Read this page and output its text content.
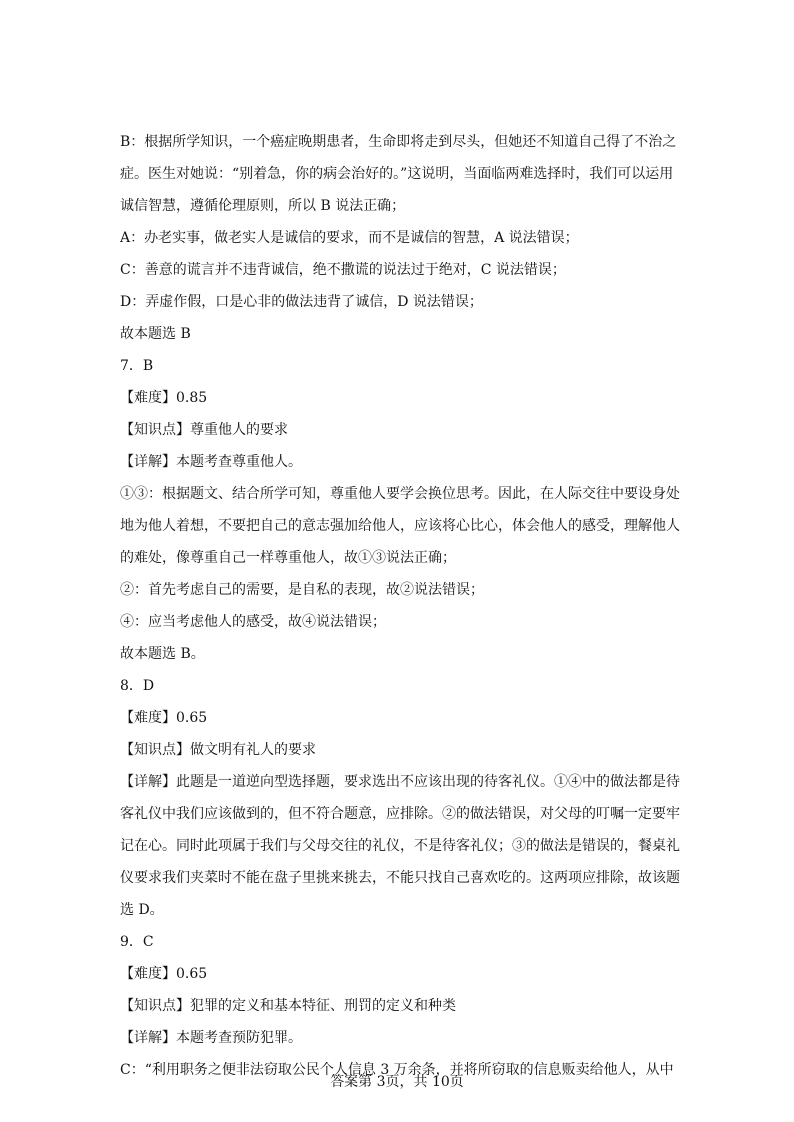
B：根据所学知识，一个癌症晚期患者，生命即将走到尽头，但她还不知道自己得了不治之
症。医生对她说：“别着急，你的病会治好的。”这说明，当面临两难选择时，我们可以运用
诚信智慧，遵循伦理原则，所以 B 说法正确；
A：办老实事，做老实人是诚信的要求，而不是诚信的智慧，A 说法错误；
C：善意的谎言并不违背诚信，绝不撒谎的说法过于绝对，C 说法错误；
D：弄虚作假，口是心非的做法违背了诚信，D 说法错误；
故本题选 B
7．B
【难度】0.85
【知识点】尊重他人的要求
【详解】本题考查尊重他人。
①③：根据题文、结合所学可知，尊重他人要学会换位思考。因此，在人际交往中要设身处
地为他人着想，不要把自己的意志强加给他人，应该将心比心，体会他人的感受，理解他人
的难处，像尊重自己一样尊重他人，故①③说法正确；
②：首先考虑自己的需要，是自私的表现，故②说法错误；
④：应当考虑他人的感受，故④说法错误；
故本题选 B。
8．D
【难度】0.65
【知识点】做文明有礼人的要求
【详解】此题是一道逆向型选择题，要求选出不应该出现的待客礼仪。①④中的做法都是待
客礼仪中我们应该做到的，但不符合题意，应排除。②的做法错误，对父母的叮嘱一定要牢
记在心。同时此项属于我们与父母交往的礼仪，不是待客礼仪；③的做法是错误的，餐桌礼
仪要求我们夹菜时不能在盘子里挑来挑去，不能只找自己喜欢吃的。这两项应排除，故该题
选 D。
9．C
【难度】0.65
【知识点】犯罪的定义和基本特征、刑罚的定义和种类
【详解】本题考查预防犯罪。
C：“利用职务之便非法窃取公民个人信息 3 万余条，并将所窃取的信息贩卖给他人，从中
答案第 3页，共 10页
